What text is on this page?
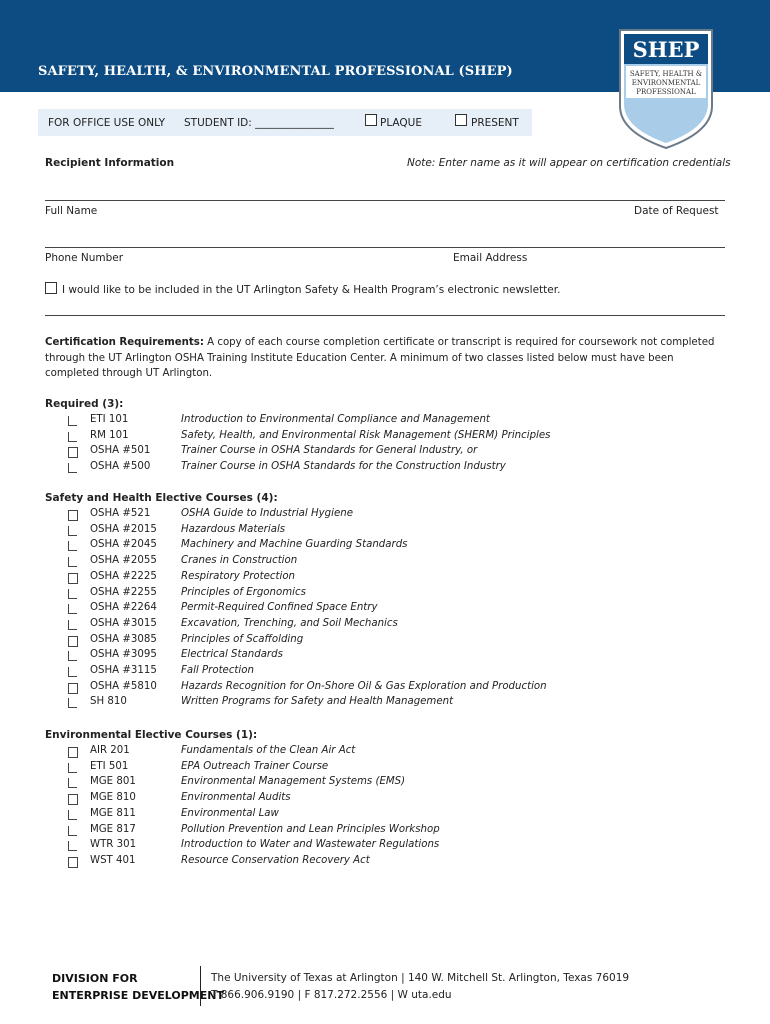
SAFETY, HEALTH, & ENVIRONMENTAL PROFESSIONAL (SHEP)
SHEP
SAFETY, HEALTH &
ENVIRONMENTAL
PROFESSIONAL
FOR OFFICE USE ONLY STUDENT ID: _______________	PLAQUE	PRESENT
Recipient Information	Note: Enter name as it will appear on certification credentials
Full Name	Date of Request
Phone Number	Email Address
I would like to be included in the UT Arlington Safety & Health Program’s electronic newsletter.
Certification Requirements: A copy of each course completion certificate or transcript is required for coursework not completed through the UT Arlington OSHA Training Institute Education Center. A minimum of two classes listed below must have been completed through UT Arlington.
Required (3):
ETI 101	Introduction to Environmental Compliance and Management
RM 101	Safety, Health, and Environmental Risk Management (SHERM) Principles
OSHA #501	Trainer Course in OSHA Standards for General Industry, or
OSHA #500	Trainer Course in OSHA Standards for the Construction Industry
Safety and Health Elective Courses (4):
OSHA #521	OSHA Guide to Industrial Hygiene
OSHA #2015 Hazardous Materials
OSHA #2045 Machinery and Machine Guarding Standards
OSHA #2055 Cranes in Construction
OSHA #2225 Respiratory Protection
OSHA #2255 Principles of Ergonomics
OSHA #2264 Permit-Required Confined Space Entry
OSHA #3015 Excavation, Trenching, and Soil Mechanics
OSHA #3085 Principles of Scaffolding
OSHA #3095 Electrical Standards
OSHA #3115 Fall Protection
OSHA #5810 Hazards Recognition for On-Shore Oil & Gas Exploration and Production
SH 810	Written Programs for Safety and Health Management
Environmental Elective Courses (1):
AIR 201	Fundamentals of the Clean Air Act
ETI 501	EPA Outreach Trainer Course
MGE 801	Environmental Management Systems (EMS)
MGE 810	Environmental Audits
MGE 811	Environmental Law
MGE 817	Pollution Prevention and Lean Principles Workshop
WTR 301	Introduction to Water and Wastewater Regulations
WST 401	Resource Conservation Recovery Act
DIVISION FOR
ENTERPRISE DEVELOPMENT
The University of Texas at Arlington | 140 W. Mitchell St. Arlington, Texas 76019
T 866.906.9190 | F 817.272.2556 | W uta.edu
